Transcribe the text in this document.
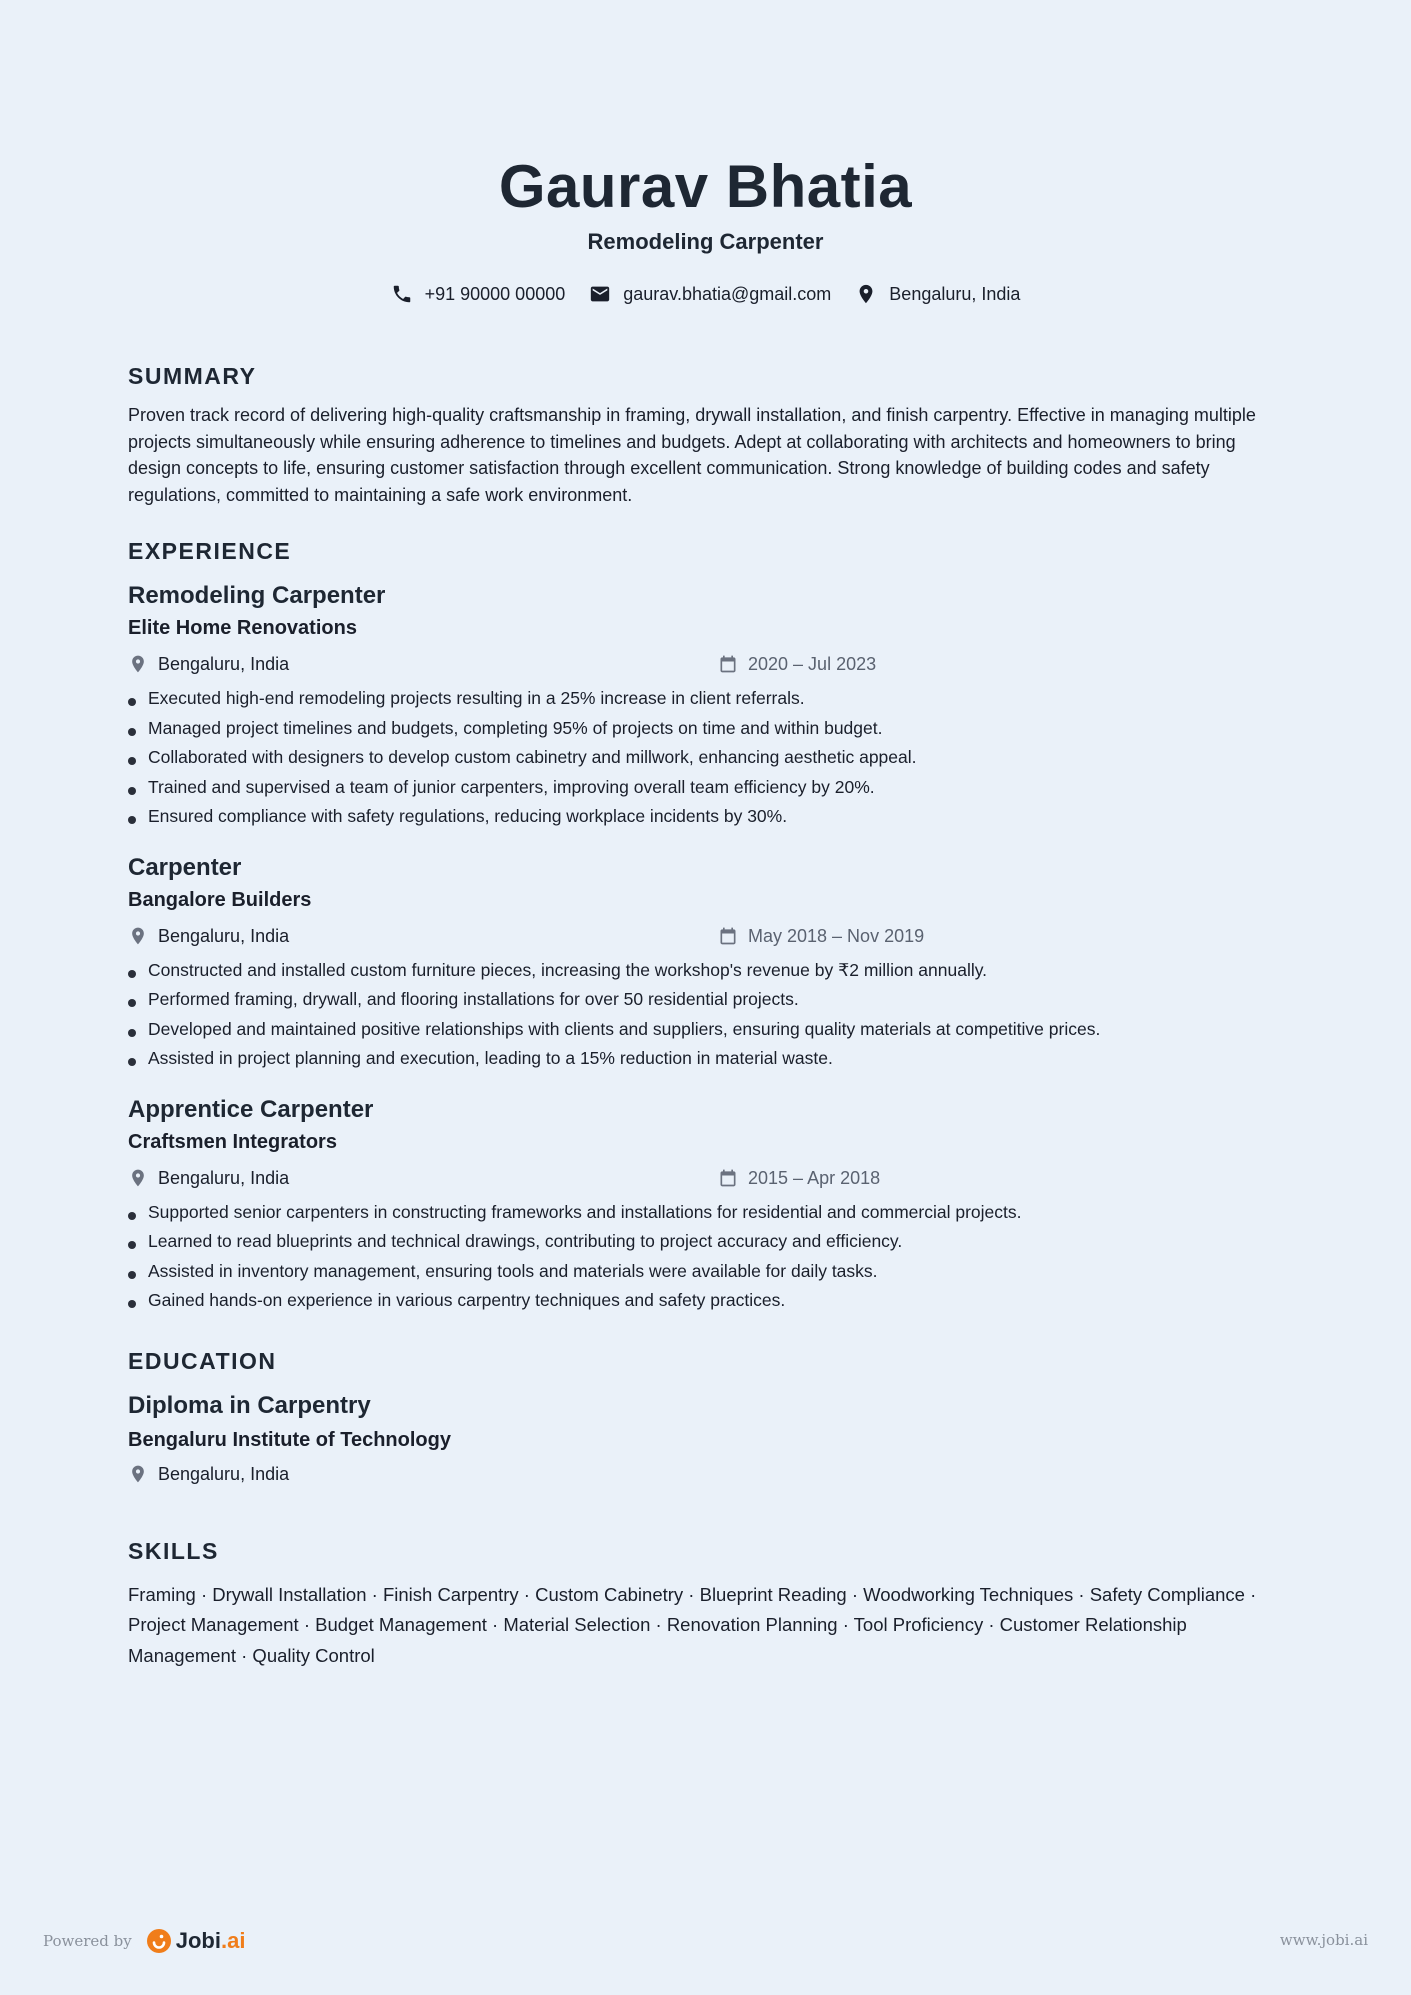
Gaurav Bhatia
Remodeling Carpenter
+91 90000 00000	gaurav.bhatia@gmail.com	Bengaluru, India
SUMMARY

Proven track record of delivering high-quality craftsmanship in framing, drywall installation, and finish carpentry. Effective in managing multiple projects simultaneously while ensuring adherence to timelines and budgets. Adept at collaborating with architects and homeowners to bring design concepts to life, ensuring customer satisfaction through excellent communication. Strong knowledge of building codes and safety regulations, committed to maintaining a safe work environment.

EXPERIENCE
Remodeling Carpenter
Elite Home Renovations
Bengaluru, India	2020 – Jul 2023
Executed high-end remodeling projects resulting in a 25% increase in client referrals.
Managed project timelines and budgets, completing 95% of projects on time and within budget.
Collaborated with designers to develop custom cabinetry and millwork, enhancing aesthetic appeal.
Trained and supervised a team of junior carpenters, improving overall team efficiency by 20%.
Ensured compliance with safety regulations, reducing workplace incidents by 30%.
Carpenter
Bangalore Builders
Bengaluru, India	May 2018 – Nov 2019
Constructed and installed custom furniture pieces, increasing the workshop's revenue by ₹2 million annually.
Performed framing, drywall, and flooring installations for over 50 residential projects.
Developed and maintained positive relationships with clients and suppliers, ensuring quality materials at competitive prices.
Assisted in project planning and execution, leading to a 15% reduction in material waste.
Apprentice Carpenter
Craftsmen Integrators
Bengaluru, India	2015 – Apr 2018
Supported senior carpenters in constructing frameworks and installations for residential and commercial projects.
Learned to read blueprints and technical drawings, contributing to project accuracy and efficiency.
Assisted in inventory management, ensuring tools and materials were available for daily tasks.
Gained hands-on experience in various carpentry techniques and safety practices.
EDUCATION
Diploma in Carpentry
Bengaluru Institute of Technology
Bengaluru, India
SKILLS

Framing · Drywall Installation · Finish Carpentry · Custom Cabinetry · Blueprint Reading · Woodworking Techniques · Safety Compliance · Project Management · Budget Management · Material Selection · Renovation Planning · Tool Proficiency · Customer Relationship Management · Quality Control

Powered by Jobi.ai	www.jobi.ai
